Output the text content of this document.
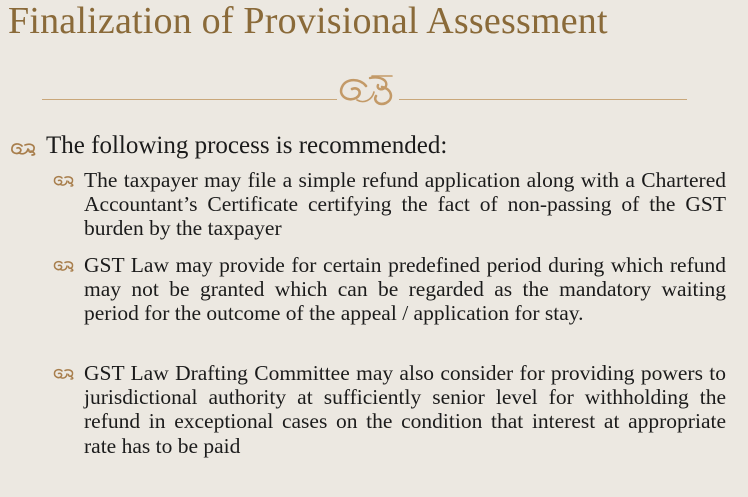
Finalization of Provisional Assessment
The following process is recommended:
The taxpayer may file a simple refund application along with a Chartered Accountant’s Certificate certifying the fact of non-passing of the GST burden by the taxpayer
GST Law may provide for certain predefined period during which refund may not be granted which can be regarded as the mandatory waiting period for the outcome of the appeal / application for stay.
GST Law Drafting Committee may also consider for providing powers to jurisdictional authority at sufficiently senior level for withholding the refund in exceptional cases on the condition that interest at appropriate rate has to be paid
